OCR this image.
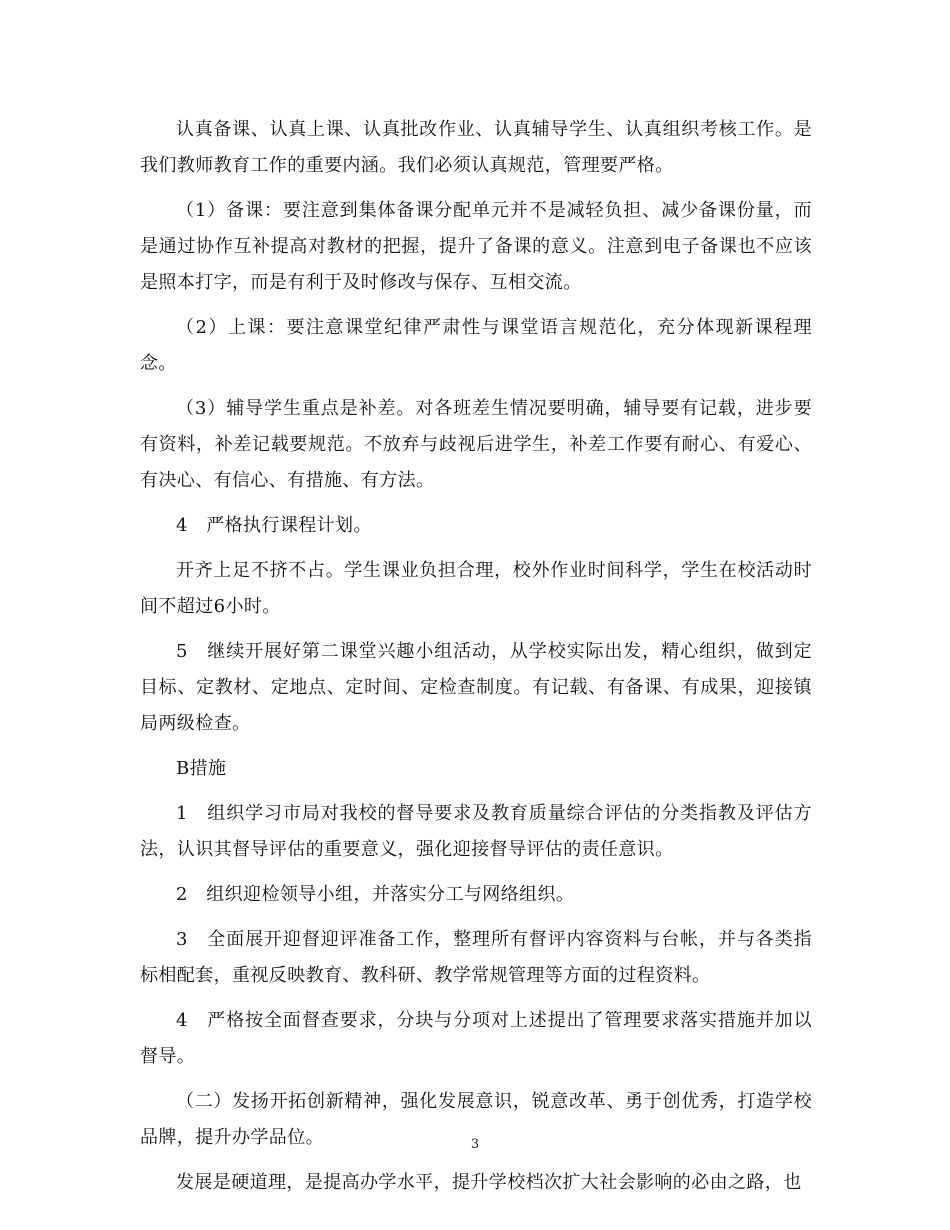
认真备课、认真上课、认真批改作业、认真辅导学生、认真组织考核工作。是我们教师教育工作的重要内涵。我们必须认真规范，管理要严格。

（1）备课：要注意到集体备课分配单元并不是减轻负担、减少备课份量，而是通过协作互补提高对教材的把握，提升了备课的意义。注意到电子备课也不应该是照本打字，而是有利于及时修改与保存、互相交流。

（2）上课：要注意课堂纪律严肃性与课堂语言规范化，充分体现新课程理念。

（3）辅导学生重点是补差。对各班差生情况要明确，辅导要有记载，进步要有资料，补差记载要规范。不放弃与歧视后进学生，补差工作要有耐心、有爱心、有决心、有信心、有措施、有方法。

4　严格执行课程计划。

开齐上足不挤不占。学生课业负担合理，校外作业时间科学，学生在校活动时间不超过6小时。

5　继续开展好第二课堂兴趣小组活动，从学校实际出发，精心组织，做到定目标、定教材、定地点、定时间、定检查制度。有记载、有备课、有成果，迎接镇局两级检查。

B措施

1　组织学习市局对我校的督导要求及教育质量综合评估的分类指教及评估方法，认识其督导评估的重要意义，强化迎接督导评估的责任意识。

2　组织迎检领导小组，并落实分工与网络组织。

3　全面展开迎督迎评准备工作，整理所有督评内容资料与台帐，并与各类指标相配套，重视反映教育、教科研、教学常规管理等方面的过程资料。

4　严格按全面督查要求，分块与分项对上述提出了管理要求落实措施并加以督导。

（二）发扬开拓创新精神，强化发展意识，锐意改革、勇于创优秀，打造学校品牌，提升办学品位。

发展是硬道理，是提高办学水平，提升学校档次扩大社会影响的必由之路，也

3
